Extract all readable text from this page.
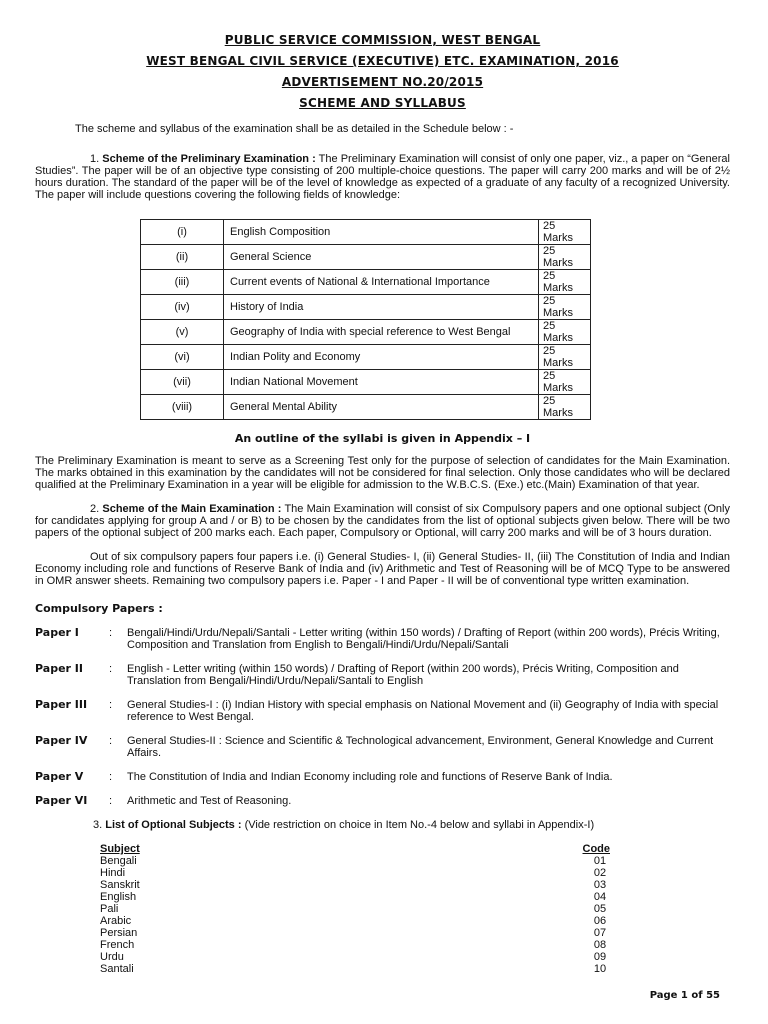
PUBLIC SERVICE COMMISSION, WEST BENGAL
WEST BENGAL CIVIL SERVICE (EXECUTIVE) ETC. EXAMINATION, 2016
ADVERTISEMENT NO.20/2015
SCHEME AND SYLLABUS
The scheme and syllabus of the examination shall be as detailed in the Schedule below : -
1. Scheme of the Preliminary Examination : The Preliminary Examination will consist of only one paper, viz., a paper on “General Studies”. The paper will be of an objective type consisting of 200 multiple-choice questions. The paper will carry 200 marks and will be of 2½ hours duration. The standard of the paper will be of the level of knowledge as expected of a graduate of any faculty of a recognized University. The paper will include questions covering the following fields of knowledge:
(i)	English Composition	25 Marks
(ii)	General Science	25 Marks
(iii)	Current events of National & International Importance	25 Marks
(iv)	History of India	25 Marks
(v)	Geography of India with special reference to West Bengal	25 Marks
(vi)	Indian Polity and Economy	25 Marks
(vii)	Indian National Movement	25 Marks
(viii)	General Mental Ability	25 Marks
An outline of the syllabi is given in Appendix – I
The Preliminary Examination is meant to serve as a Screening Test only for the purpose of selection of candidates for the Main Examination. The marks obtained in this examination by the candidates will not be considered for final selection. Only those candidates who will be declared qualified at the Preliminary Examination in a year will be eligible for admission to the W.B.C.S. (Exe.) etc.(Main) Examination of that year.
2. Scheme of the Main Examination : The Main Examination will consist of six Compulsory papers and one optional subject (Only for candidates applying for group A and / or B) to be chosen by the candidates from the list of optional subjects given below. There will be two papers of the optional subject of 200 marks each. Each paper, Compulsory or Optional, will carry 200 marks and will be of 3 hours duration.
Out of six compulsory papers four papers i.e. (i) General Studies- I, (ii) General Studies- II, (iii) The Constitution of India and Indian Economy including role and functions of Reserve Bank of India and (iv) Arithmetic and Test of Reasoning will be of MCQ Type to be answered in OMR answer sheets. Remaining two compulsory papers i.e. Paper - I and Paper - II will be of conventional type written examination.
Compulsory Papers :
Paper I	:	Bengali/Hindi/Urdu/Nepali/Santali - Letter writing (within 150 words) / Drafting of Report (within 200 words), Précis Writing, Composition and Translation from English to Bengali/Hindi/Urdu/Nepali/Santali
Paper II	:	English - Letter writing (within 150 words) / Drafting of Report (within 200 words), Précis Writing, Composition and Translation from Bengali/Hindi/Urdu/Nepali/Santali to English
Paper III	:	General Studies-I : (i) Indian History with special emphasis on National Movement and (ii) Geography of India with special reference to West Bengal.
Paper IV	:	General Studies-II : Science and Scientific & Technological advancement, Environment, General Knowledge and Current Affairs.
Paper V	:	The Constitution of India and Indian Economy including role and functions of Reserve Bank of India.
Paper VI	:	Arithmetic and Test of Reasoning.
3. List of Optional Subjects : (Vide restriction on choice in Item No.-4 below and syllabi in Appendix-I)
Subject	Code
Bengali	01
Hindi	02
Sanskrit	03
English	04
Pali	05
Arabic	06
Persian	07
French	08
Urdu	09
Santali	10
Page 1 of 55
